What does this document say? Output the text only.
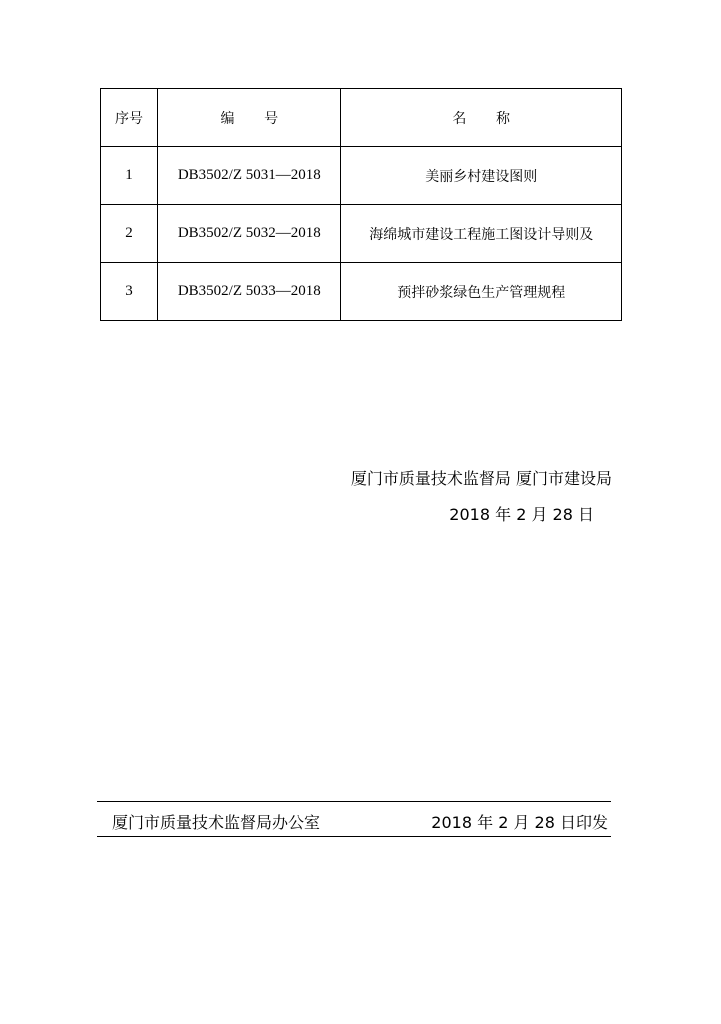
序号	编 号	名 称
1	DB3502/Z 5031—2018	美丽乡村建设图则
2	DB3502/Z 5032—2018	海绵城市建设工程施工图设计导则及
3	DB3502/Z 5033—2018	预拌砂浆绿色生产管理规程
厦门市质量技术监督局 厦门市建设局
2018 年 2 月 28 日
厦门市质量技术监督局办公室	2018 年 2 月 28 日印发
